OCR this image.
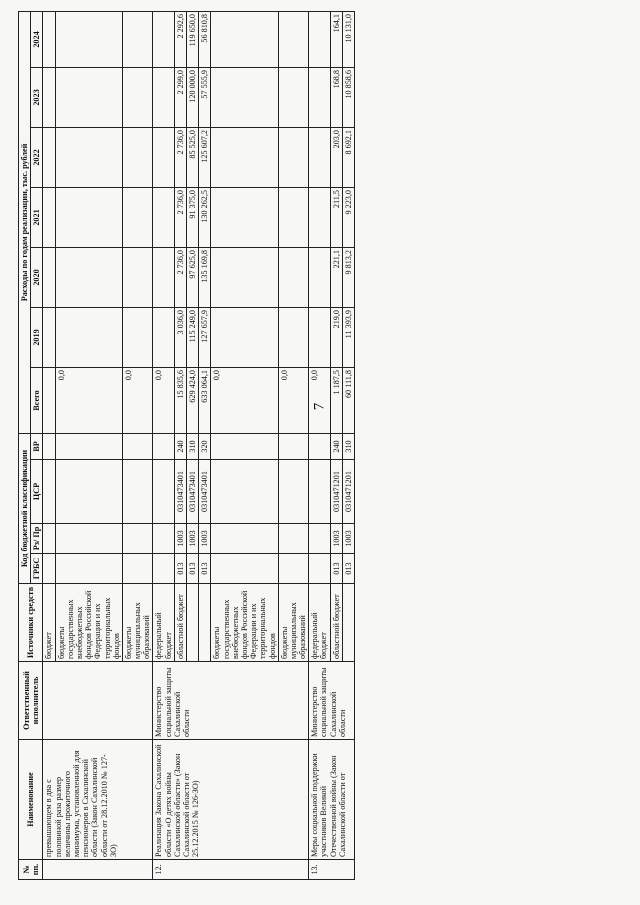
7
№ пп.	Наименование	Ответственный исполнитель	Источники средств	Код бюджетной классификации				Расходы по годам реализации, тыс. рублей						
				ГРБС	Рз/ Пр	ЦСР	ВР	Всего	2019	2020	2021	2022	2023	2024
	превышающем в два с половиной раза размер величины прожиточного минимума, установленной для пенсионеров в Сахалинской области (Закон Сахалинской области от 28.12.2010 № 127-ЗО)		бюджет											
			бюджеты государственных внебюджетных фондов Российской Федерации и их территориальных фондов					0,0						
			бюджеты муниципальных образований					0,0						
12.	Реализация Закона Сахалинской области «О детях войны Сахалинской области» (Закон Сахалинской области от 25.12.2015 № 126-ЗО)	Министерство социальной защиты Сахалинской области	федеральный бюджет					0,0						
			областной бюджет	013	1003	0310473401	240	15 835,6	3 036,0	2 736,0	2 736,0	2 736,0	2 299,0	2 292,6
				013	1003	0310473401	310	629 424,0	115 249,0	97 625,0	91 375,0	85 525,0	120 000,0	119 650,0
				013	1003	0310473401	320	633 064,1	127 657,9	135 169,8	130 262,5	125 607,2	57 555,9	56 810,8
			бюджеты государственных внебюджетных фондов Российской Федерации и их территориальных фондов					0,0						
			бюджеты муниципальных образований					0,0						
13.	Меры социальной поддержки участников Великой Отечественной войны (Закон Сахалинской области от	Министерство социальной защиты Сахалинской области	федеральный бюджет					0,0						
			областной бюджет	013	1003	0310471201	240	1 187,5	219,0	221,1	211,5	203,0	168,8	164,1
				013	1003	0310471201	310	60 111,8	11 393,9	9 813,2	9 223,0	8 692,1	10 858,6	10 131,0
